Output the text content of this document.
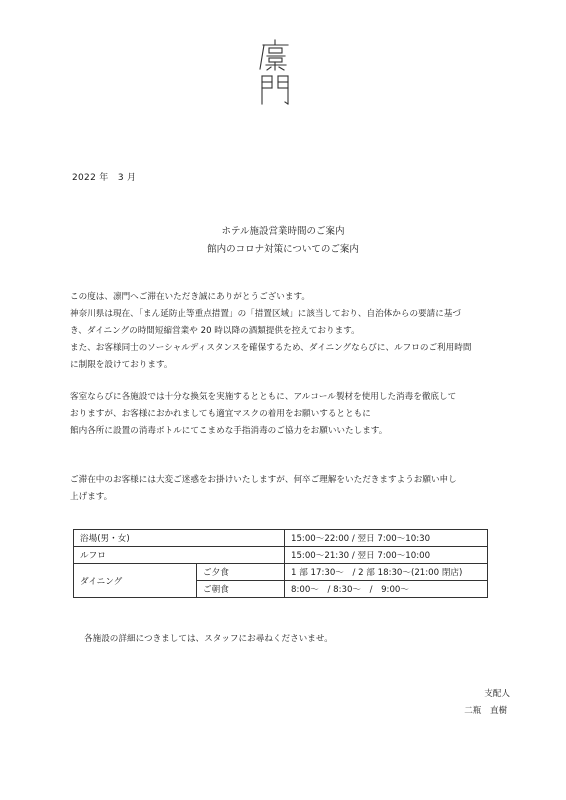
2022 年　3 月
ホテル施設営業時間のご案内
館内のコロナ対策についてのご案内
この度は、凛門へご滞在いただき誠にありがとうございます。
神奈川県は現在、「まん延防止等重点措置」の「措置区域」に該当しており、自治体からの要請に基づ
き、ダイニングの時間短縮営業や 20 時以降の酒類提供を控えております。
また、お客様同士のソーシャルディスタンスを確保するため、ダイニングならびに、ルフロのご利用時間
に制限を設けております。
客室ならびに各施設では十分な換気を実施するとともに、アルコール製材を使用した消毒を徹底して
おりますが、お客様におかれましても適宜マスクの着用をお願いするとともに
館内各所に設置の消毒ボトルにてこまめな手指消毒のご協力をお願いいたします。
ご滞在中のお客様には大変ご迷惑をお掛けいたしますが、何卒ご理解をいただきますようお願い申し
上げます。
浴場(男・女)		15:00～22:00 / 翌日 7:00～10:30
ルフロ		15:00～21:30 / 翌日 7:00～10:00
ダイニング	ご夕食	1 部 17:30～　/ 2 部 18:30～(21:00 閉店)
	ご朝食	8:00～　/ 8:30～　/　9:00～
各施設の詳細につきましては、スタッフにお尋ねくださいませ。
支配人
二瓶　直樹
